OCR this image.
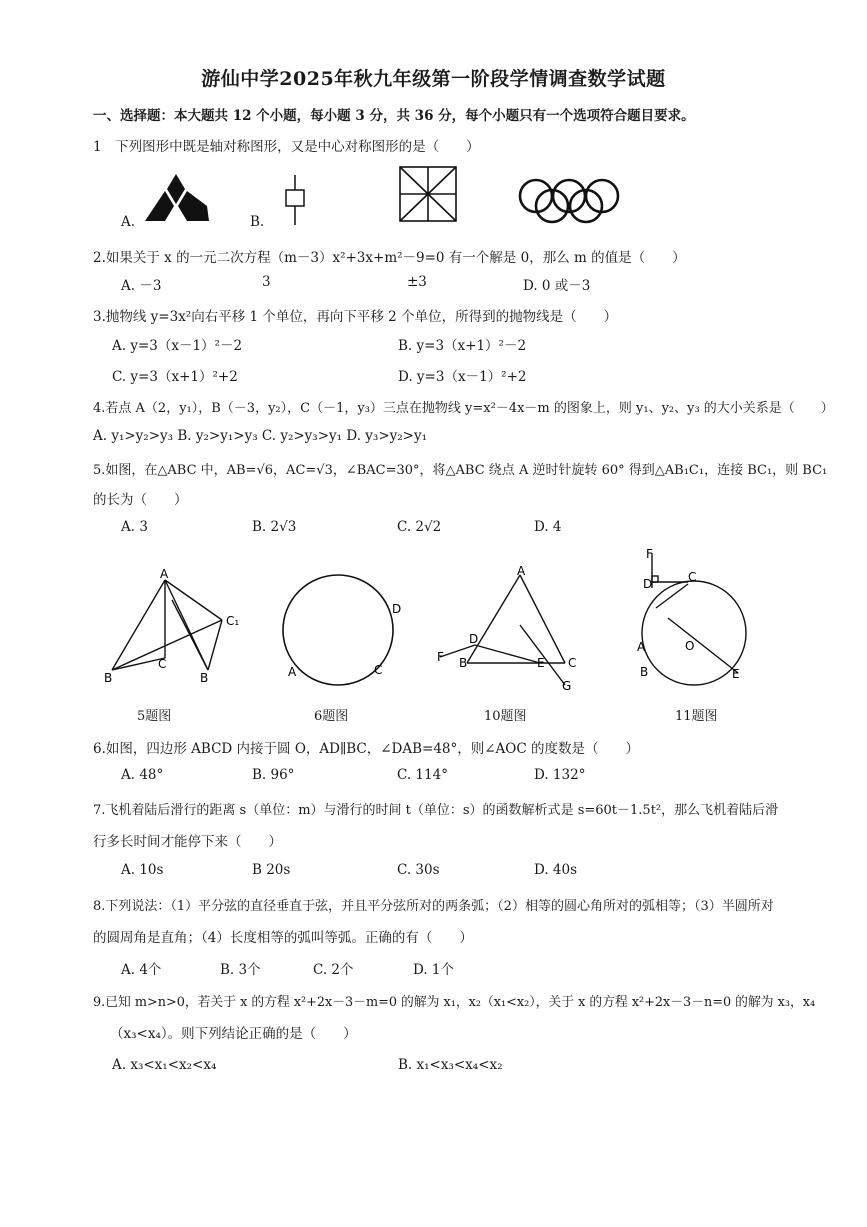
游仙中学2025年秋九年级第一阶段学情调查数学试题
一、选择题：本大题共 12 个小题，每小题 3 分，共 36 分，每个小题只有一个选项符合题目要求。
1　下列图形中既是轴对称图形，又是中心对称图形的是（　　）
A.	B.
2.如果关于 x 的一元二次方程（m－3）x²+3x+m²－9=0 有一个解是 0，那么 m 的值是（　　）
A. －3	3	±3	D. 0 或－3
3.抛物线 y=3x²向右平移 1 个单位，再向下平移 2 个单位，所得到的抛物线是（　　）
A. y=3（x－1）²－2	B. y=3（x+1）²－2
C. y=3（x+1）²+2	D. y=3（x－1）²+2
4.若点 A（2，y₁），B（－3，y₂），C（－1，y₃）三点在抛物线 y=x²－4x－m 的图象上，则 y₁、y₂、y₃ 的大小关系是（　　）
A. y₁>y₂>y₃ B. y₂>y₁>y₃ C. y₂>y₃>y₁ D. y₃>y₂>y₁
5.如图，在△ABC 中，AB=√6，AC=√3，∠BAC=30°，将△ABC 绕点 A 逆时针旋转 60° 得到△AB₁C₁，连接 BC₁，则 BC₁
的长为（　　）
A. 3	B. 2√3	C. 2√2	D. 4
A
C₁
C
B	B
D
A	C
A
D
F B	E C
G
F
D	C
O
A
B	E
5题图	6题图	10题图	11题图
6.如图，四边形 ABCD 内接于圆 O，AD∥BC，∠DAB=48°，则∠AOC 的度数是（　　）
A. 48°	B. 96°	C. 114°	D. 132°
7.飞机着陆后滑行的距离 s（单位：m）与滑行的时间 t（单位：s）的函数解析式是 s=60t－1.5t²，那么飞机着陆后滑
行多长时间才能停下来（　　）
A. 10s	B 20s	C. 30s	D. 40s
8.下列说法：（1）平分弦的直径垂直于弦，并且平分弦所对的两条弧；（2）相等的圆心角所对的弧相等；（3）半圆所对
的圆周角是直角；（4）长度相等的弧叫等弧。正确的有（　　）
A. 4个	B. 3个	C. 2个	D. 1个
9.已知 m>n>0，若关于 x 的方程 x²+2x－3－m=0 的解为 x₁，x₂（x₁<x₂），关于 x 的方程 x²+2x－3－n=0 的解为 x₃，x₄
（x₃<x₄）。则下列结论正确的是（　　）
A. x₃<x₁<x₂<x₄	B. x₁<x₃<x₄<x₂
